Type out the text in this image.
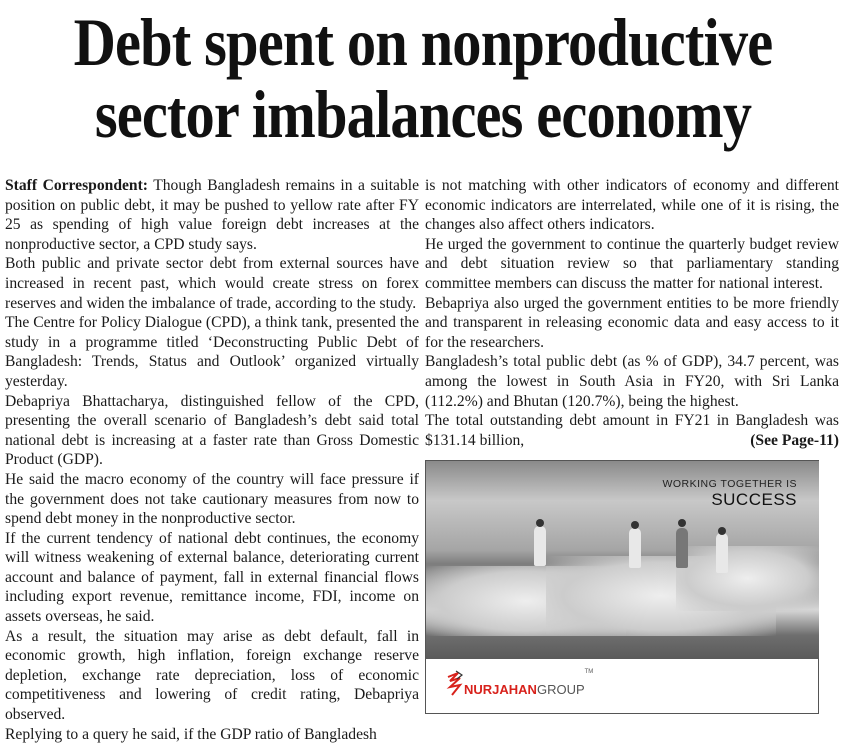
Debt spent on nonproductive
sector imbalances economy

Staff Correspondent: Though Bangladesh remains in a suitable position on public debt, it may be pushed to yellow rate after FY 25 as spending of high value foreign debt increases at the nonproductive sector, a CPD study says.

Both public and private sector debt from external sources have increased in recent past, which would create stress on forex reserves and widen the imbalance of trade, according to the study.

The Centre for Policy Dialogue (CPD), a think tank, presented the study in a programme titled ‘Deconstructing Public Debt of Bangladesh: Trends, Status and Outlook’ organized virtually yesterday.

Debapriya Bhattacharya, distinguished fellow of the CPD, presenting the overall scenario of Bangladesh’s debt said total national debt is increasing at a faster rate than Gross Domestic Product (GDP).

He said the macro economy of the country will face pressure if the government does not take cautionary measures from now to spend debt money in the nonproductive sector.

If the current tendency of national debt continues, the economy will witness weakening of external balance, deteriorating current account and balance of payment, fall in external financial flows including export revenue, remittance income, FDI, income on assets overseas, he said.

As a result, the situation may arise as debt default, fall in economic growth, high inflation, foreign exchange reserve depletion, exchange rate depreciation, loss of economic competitiveness and lowering of credit rating, Debapriya observed.

Replying to a query he said, if the GDP ratio of Bangladesh

is not matching with other indicators of economy and different economic indicators are interrelated, while one of it is rising, the changes also affect others indicators.

He urged the government to continue the quarterly budget review and debt situation review so that parliamentary standing committee members can discuss the matter for national interest.

Bebapriya also urged the government entities to be more friendly and transparent in releasing economic data and easy access to it for the researchers.

Bangladesh’s total public debt (as % of GDP), 34.7 percent, was among the lowest in South Asia in FY20, with Sri Lanka (112.2%) and Bhutan (120.7%), being the highest.

The total outstanding debt amount in FY21 in Bangladesh was $131.14 billion,	(See Page-11)

WORKING TOGETHER IS
SUCCESS
NURJAHAN GROUP
TM
